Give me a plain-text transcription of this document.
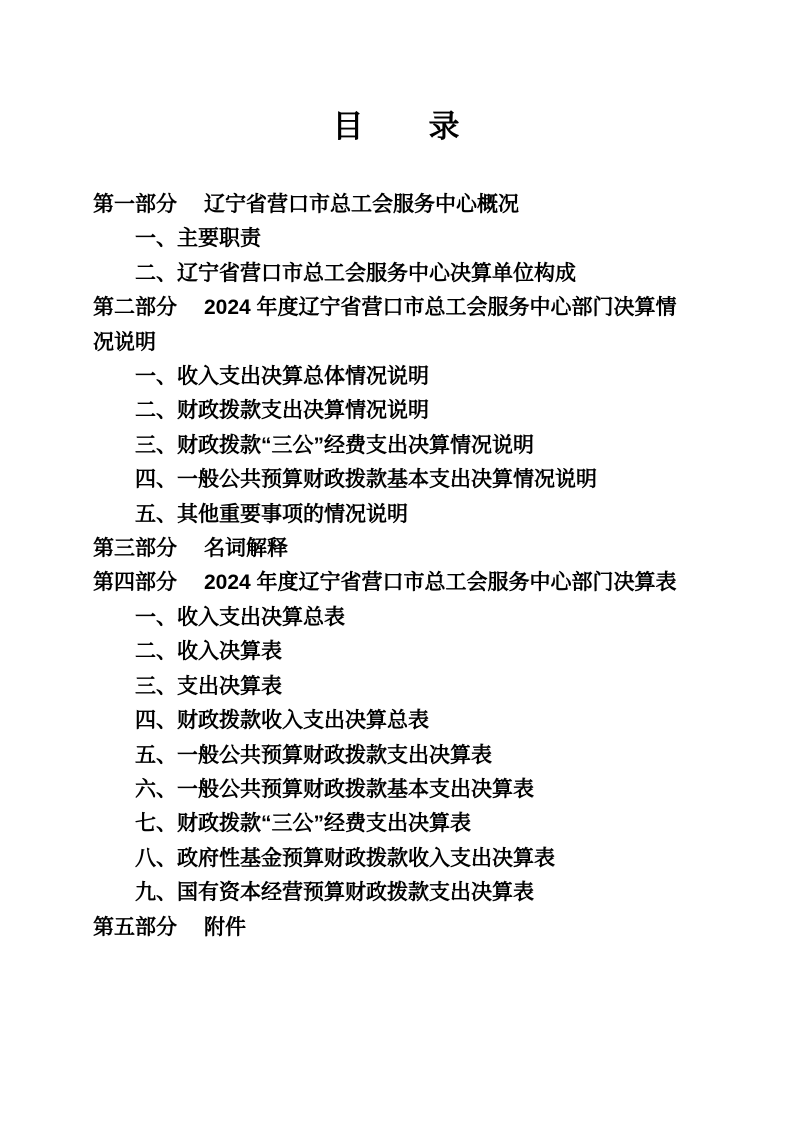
目　　录
第一部分 辽宁省营口市总工会服务中心概况
一、主要职责
二、辽宁省营口市总工会服务中心决算单位构成
第二部分 2024 年度辽宁省营口市总工会服务中心部门决算情
况说明
一、收入支出决算总体情况说明
二、财政拨款支出决算情况说明
三、财政拨款“三公”经费支出决算情况说明
四、一般公共预算财政拨款基本支出决算情况说明
五、其他重要事项的情况说明
第三部分 名词解释
第四部分 2024 年度辽宁省营口市总工会服务中心部门决算表
一、收入支出决算总表
二、收入决算表
三、支出决算表
四、财政拨款收入支出决算总表
五、一般公共预算财政拨款支出决算表
六、一般公共预算财政拨款基本支出决算表
七、财政拨款“三公”经费支出决算表
八、政府性基金预算财政拨款收入支出决算表
九、国有资本经营预算财政拨款支出决算表
第五部分 附件
